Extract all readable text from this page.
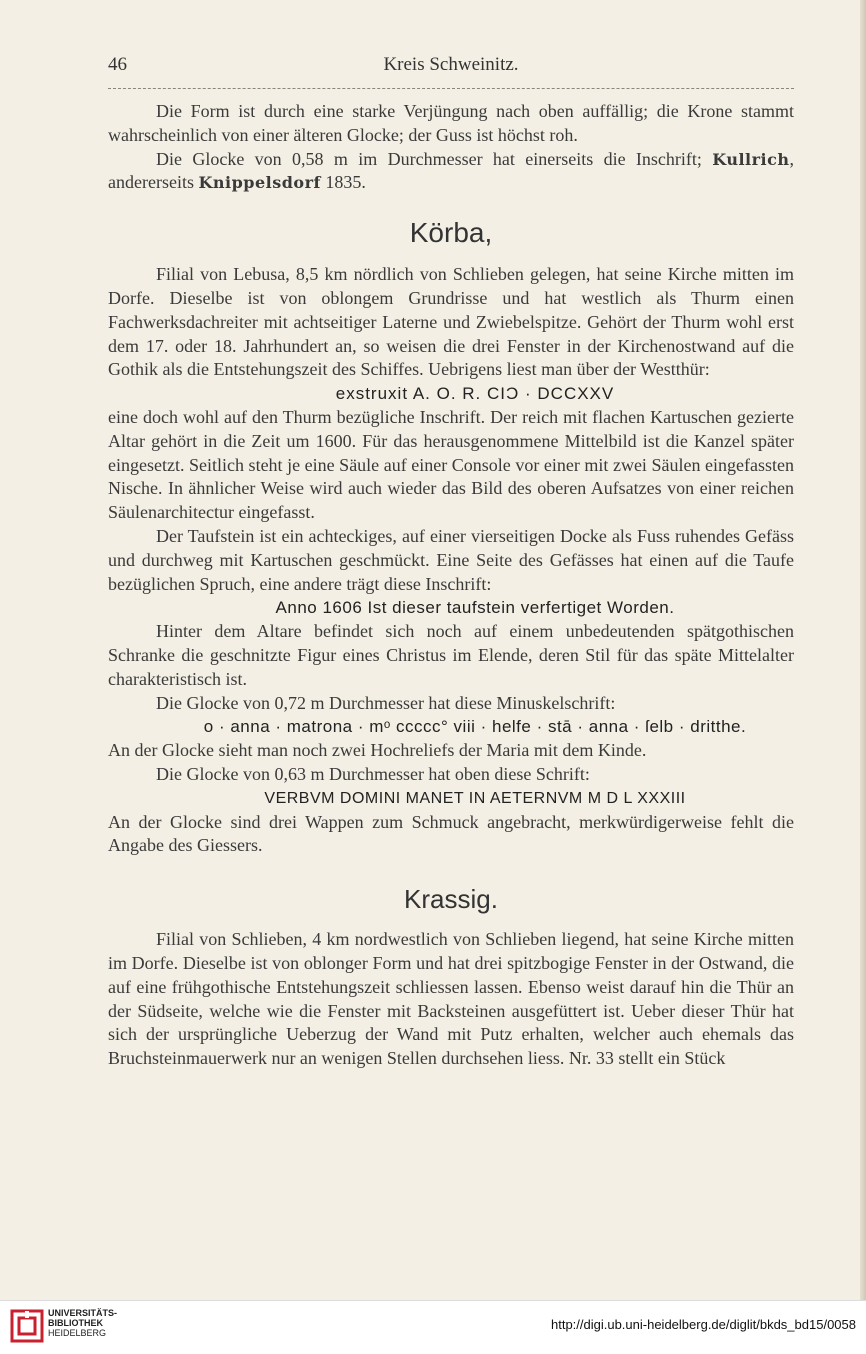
46	Kreis Schweinitz.

Die Form ist durch eine starke Verjüngung nach oben auffällig; die Krone stammt wahrscheinlich von einer älteren Glocke; der Guss ist höchst roh.

Die Glocke von 0,58 m im Durchmesser hat einerseits die Inschrift; Kullrich, andererseits Knippelsdorf 1835.

Körba,

Filial von Lebusa, 8,5 km nördlich von Schlieben gelegen, hat seine Kirche mitten im Dorfe. Dieselbe ist von oblongem Grundrisse und hat westlich als Thurm einen Fachwerksdachreiter mit achtseitiger Laterne und Zwiebelspitze. Gehört der Thurm wohl erst dem 17. oder 18. Jahrhundert an, so weisen die drei Fenster in der Kirchenostwand auf die Gothik als die Entstehungszeit des Schiffes. Uebrigens liest man über der Westthür:

exstruxit A. O. R. CIƆ · DCCXXV

eine doch wohl auf den Thurm bezügliche Inschrift. Der reich mit flachen Kartuschen gezierte Altar gehört in die Zeit um 1600. Für das herausgenommene Mittelbild ist die Kanzel später eingesetzt. Seitlich steht je eine Säule auf einer Console vor einer mit zwei Säulen eingefassten Nische. In ähnlicher Weise wird auch wieder das Bild des oberen Aufsatzes von einer reichen Säulenarchitectur eingefasst.

Der Taufstein ist ein achteckiges, auf einer vierseitigen Docke als Fuss ruhendes Gefäss und durchweg mit Kartuschen geschmückt. Eine Seite des Gefässes hat einen auf die Taufe bezüglichen Spruch, eine andere trägt diese Inschrift:

Anno 1606 Ist dieser taufstein verfertiget Worden.

Hinter dem Altare befindet sich noch auf einem unbedeutenden spätgothischen Schranke die geschnitzte Figur eines Christus im Elende, deren Stil für das späte Mittelalter charakteristisch ist.

Die Glocke von 0,72 m Durchmesser hat diese Minuskelschrift:

o · anna · matrona · mᵒ ccccc° viii · helfe · stā · anna · ſelb · dritthe.

An der Glocke sieht man noch zwei Hochreliefs der Maria mit dem Kinde.

Die Glocke von 0,63 m Durchmesser hat oben diese Schrift:

VERBVM DOMINI MANET IN AETERNVM M D L XXXIII

An der Glocke sind drei Wappen zum Schmuck angebracht, merkwürdigerweise fehlt die Angabe des Giessers.

Krassig.

Filial von Schlieben, 4 km nordwestlich von Schlieben liegend, hat seine Kirche mitten im Dorfe. Dieselbe ist von oblonger Form und hat drei spitzbogige Fenster in der Ostwand, die auf eine frühgothische Entstehungszeit schliessen lassen. Ebenso weist darauf hin die Thür an der Südseite, welche wie die Fenster mit Backsteinen ausgefüttert ist. Ueber dieser Thür hat sich der ursprüngliche Ueberzug der Wand mit Putz erhalten, welcher auch ehemals das Bruchsteinmauerwerk nur an wenigen Stellen durchsehen liess. Nr. 33 stellt ein Stück

UNIVERSITÄTS-
BIBLIOTHEK
HEIDELBERG
http://digi.ub.uni-heidelberg.de/diglit/bkds_bd15/0058
